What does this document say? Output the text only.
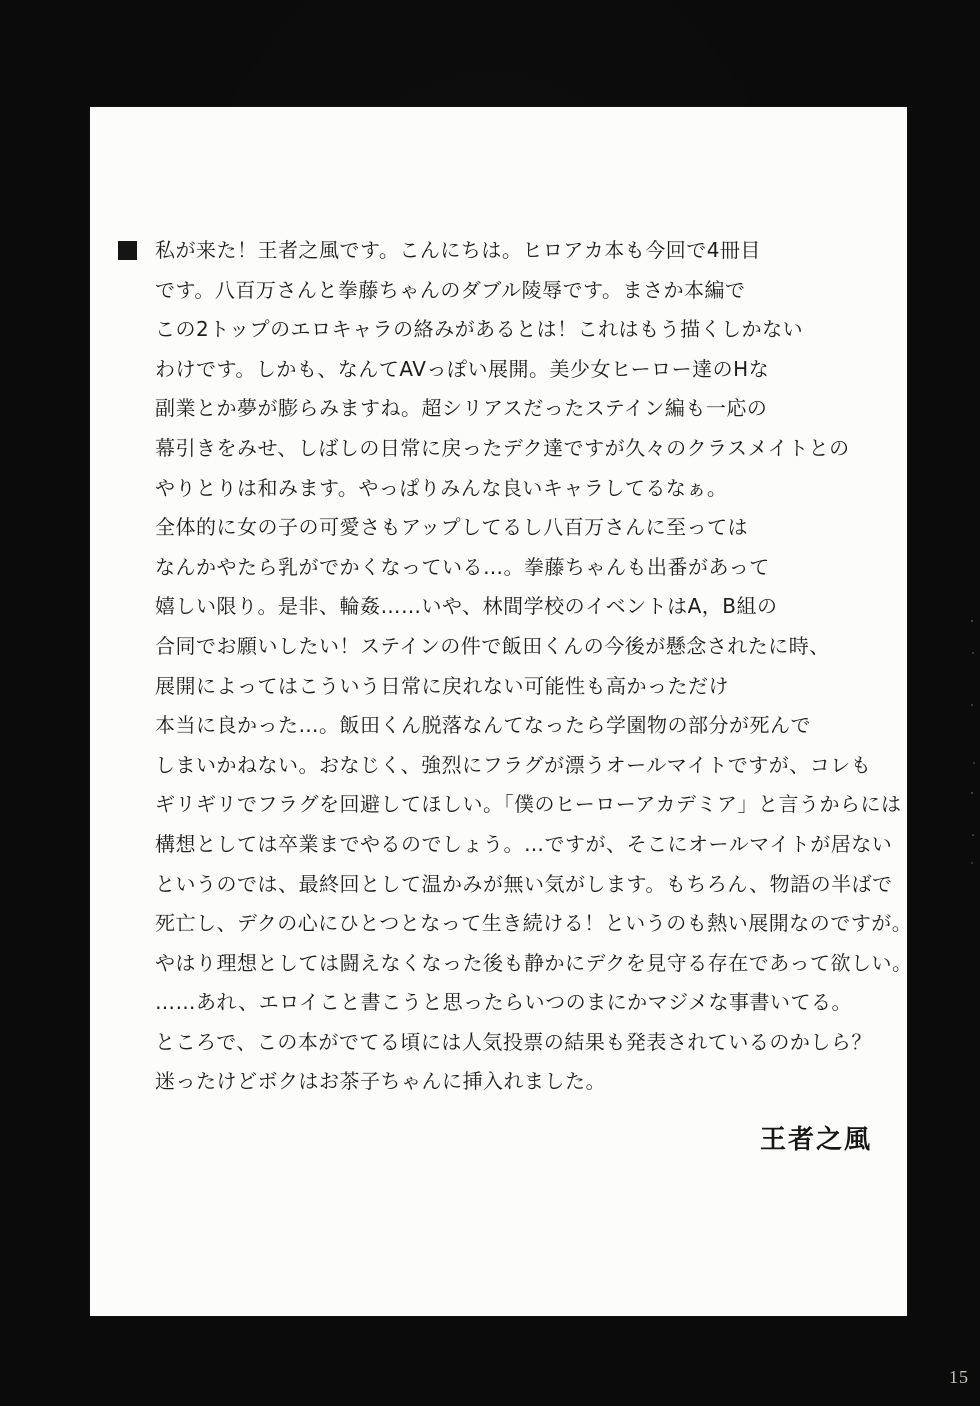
私が来た！王者之風です。こんにちは。ヒロアカ本も今回で4冊目
です。八百万さんと拳藤ちゃんのダブル陵辱です。まさか本編で
この2トップのエロキャラの絡みがあるとは！これはもう描くしかない
わけです。しかも、なんてAVっぽい展開。美少女ヒーロー達のHな
副業とか夢が膨らみますね。超シリアスだったステイン編も一応の
幕引きをみせ、しばしの日常に戻ったデク達ですが久々のクラスメイトとの
やりとりは和みます。やっぱりみんな良いキャラしてるなぁ。
全体的に女の子の可愛さもアップしてるし八百万さんに至っては
なんかやたら乳がでかくなっている…。拳藤ちゃんも出番があって
嬉しい限り。是非、輪姦……いや、林間学校のイベントはA，B組の
合同でお願いしたい！ステインの件で飯田くんの今後が懸念されたに時、
展開によってはこういう日常に戻れない可能性も高かっただけ
本当に良かった…。飯田くん脱落なんてなったら学園物の部分が死んで
しまいかねない。おなじく、強烈にフラグが漂うオールマイトですが、コレも
ギリギリでフラグを回避してほしい。「僕のヒーローアカデミア」と言うからには
構想としては卒業までやるのでしょう。…ですが、そこにオールマイトが居ない
というのでは、最終回として温かみが無い気がします。もちろん、物語の半ばで
死亡し、デクの心にひとつとなって生き続ける！というのも熱い展開なのですが。
やはり理想としては闘えなくなった後も静かにデクを見守る存在であって欲しい。
……あれ、エロイこと書こうと思ったらいつのまにかマジメな事書いてる。
ところで、この本がでてる頃には人気投票の結果も発表されているのかしら？
迷ったけどボクはお茶子ちゃんに挿入れました。
王者之風
15
